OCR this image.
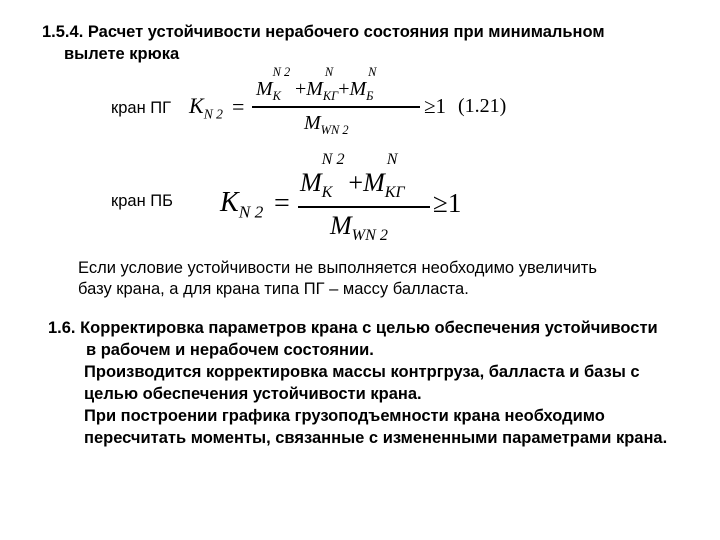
1.5.4. Расчет устойчивости нерабочего состояния при минимальном
вылете крюка
кран ПГ $K_{N 2}$ =
M
N 2
$_K$ +M
N
$_{KГ}$+M
N
$_Б$
$M_{WN 2}$
≥1 (1.21)
кран ПБ $K_{N 2}$ =
M
N 2
$_K$ +M
N
$_{KГ}$
$M_{WN 2}$
≥1
Если условие устойчивости не выполняется необходимо увеличить
базу крана, а для крана типа ПГ – массу балласта.
1.6. Корректировка параметров крана с целью обеспечения устойчивости
в рабочем и нерабочем состоянии.
Производится корректировка массы контргруза, балласта и базы с
целью обеспечения устойчивости крана.
При построении графика грузоподъемности крана необходимо
пересчитать моменты, связанные с измененными параметрами крана.
